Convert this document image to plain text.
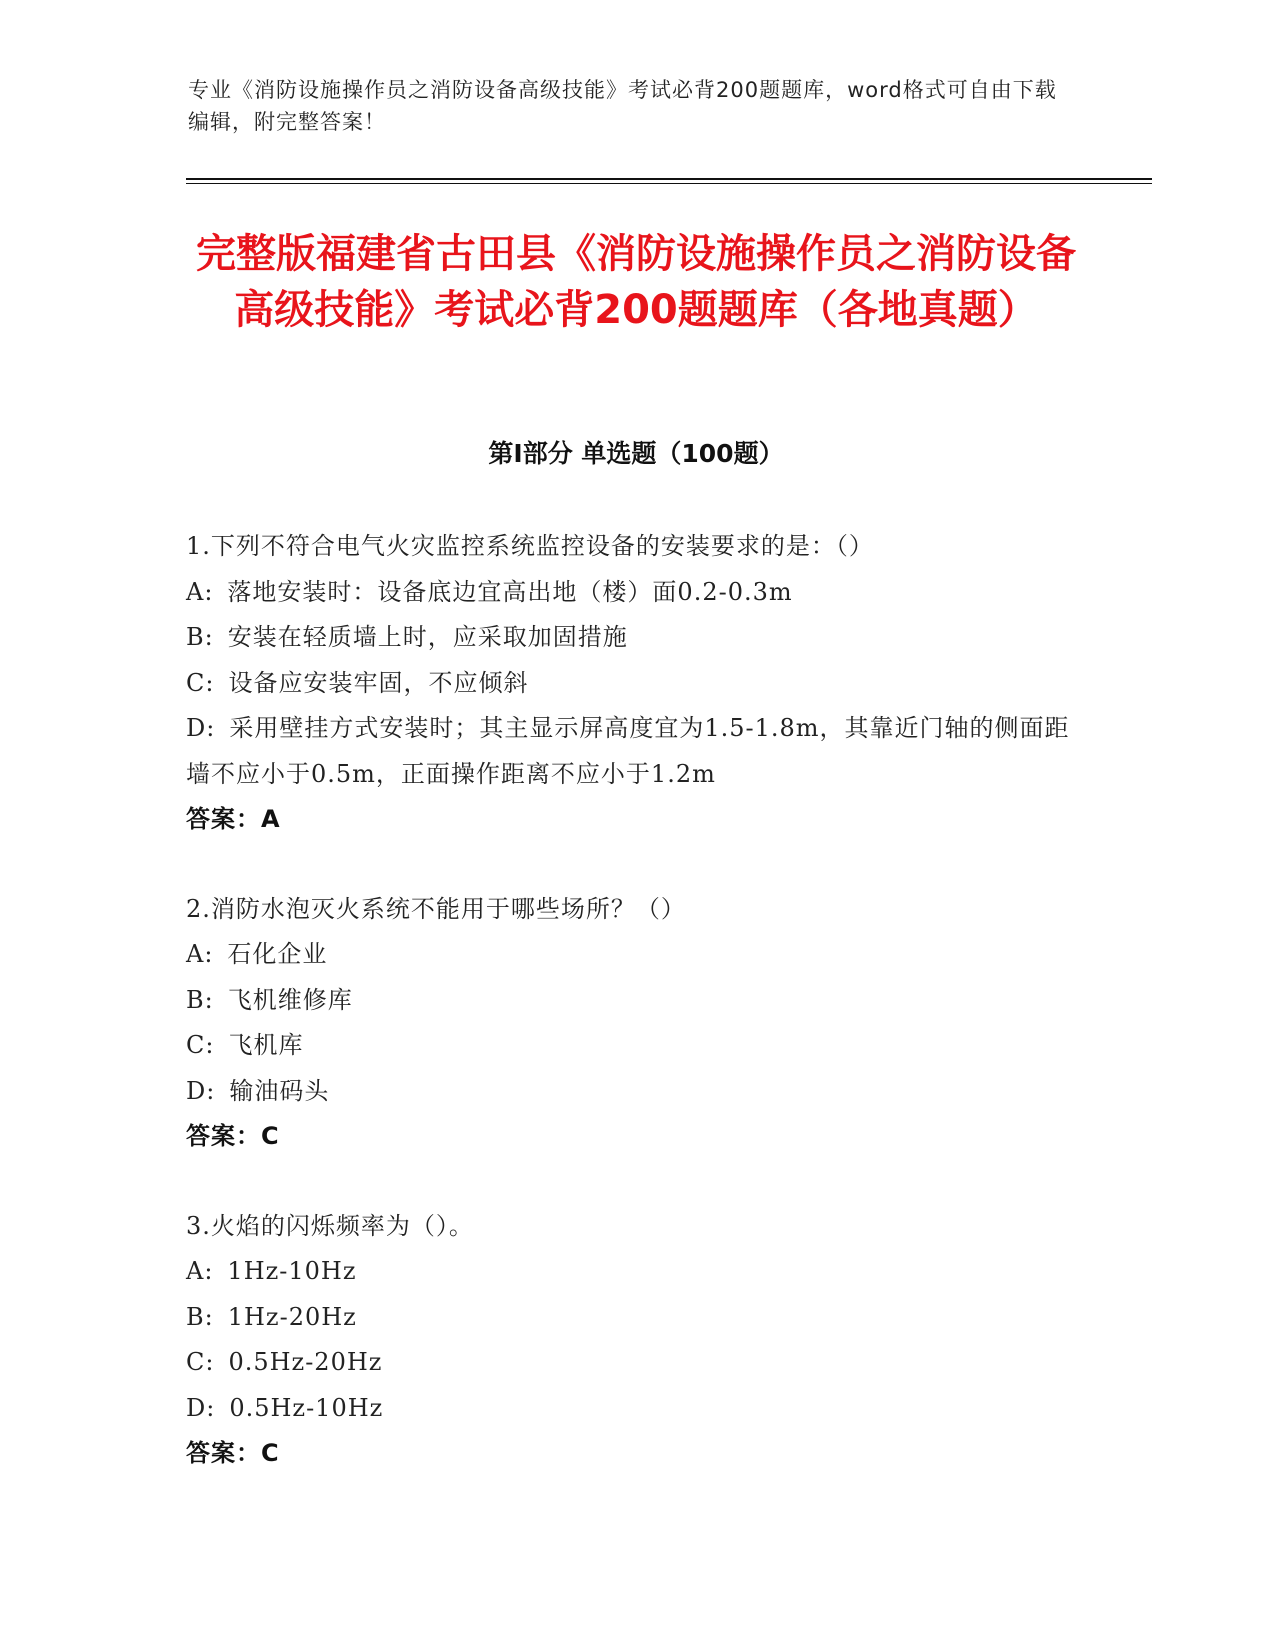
专业《消防设施操作员之消防设备高级技能》考试必背200题题库，word格式可自由下载编辑，附完整答案！
完整版福建省古田县《消防设施操作员之消防设备高级技能》考试必背200题题库（各地真题）
第I部分 单选题（100题）
1.下列不符合电气火灾监控系统监控设备的安装要求的是：（）
A: 落地安装时：设备底边宜高出地（楼）面0.2-0.3m
B: 安装在轻质墙上时，应采取加固措施
C: 设备应安装牢固，不应倾斜
D: 采用壁挂方式安装时；其主显示屏高度宜为1.5-1.8m，其靠近门轴的侧面距墙不应小于0.5m，正面操作距离不应小于1.2m
答案：A
2.消防水泡灭火系统不能用于哪些场所？（）
A: 石化企业
B: 飞机维修库
C: 飞机库
D: 输油码头
答案：C
3.火焰的闪烁频率为（）。
A: 1Hz-10Hz
B: 1Hz-20Hz
C: 0.5Hz-20Hz
D: 0.5Hz-10Hz
答案：C
